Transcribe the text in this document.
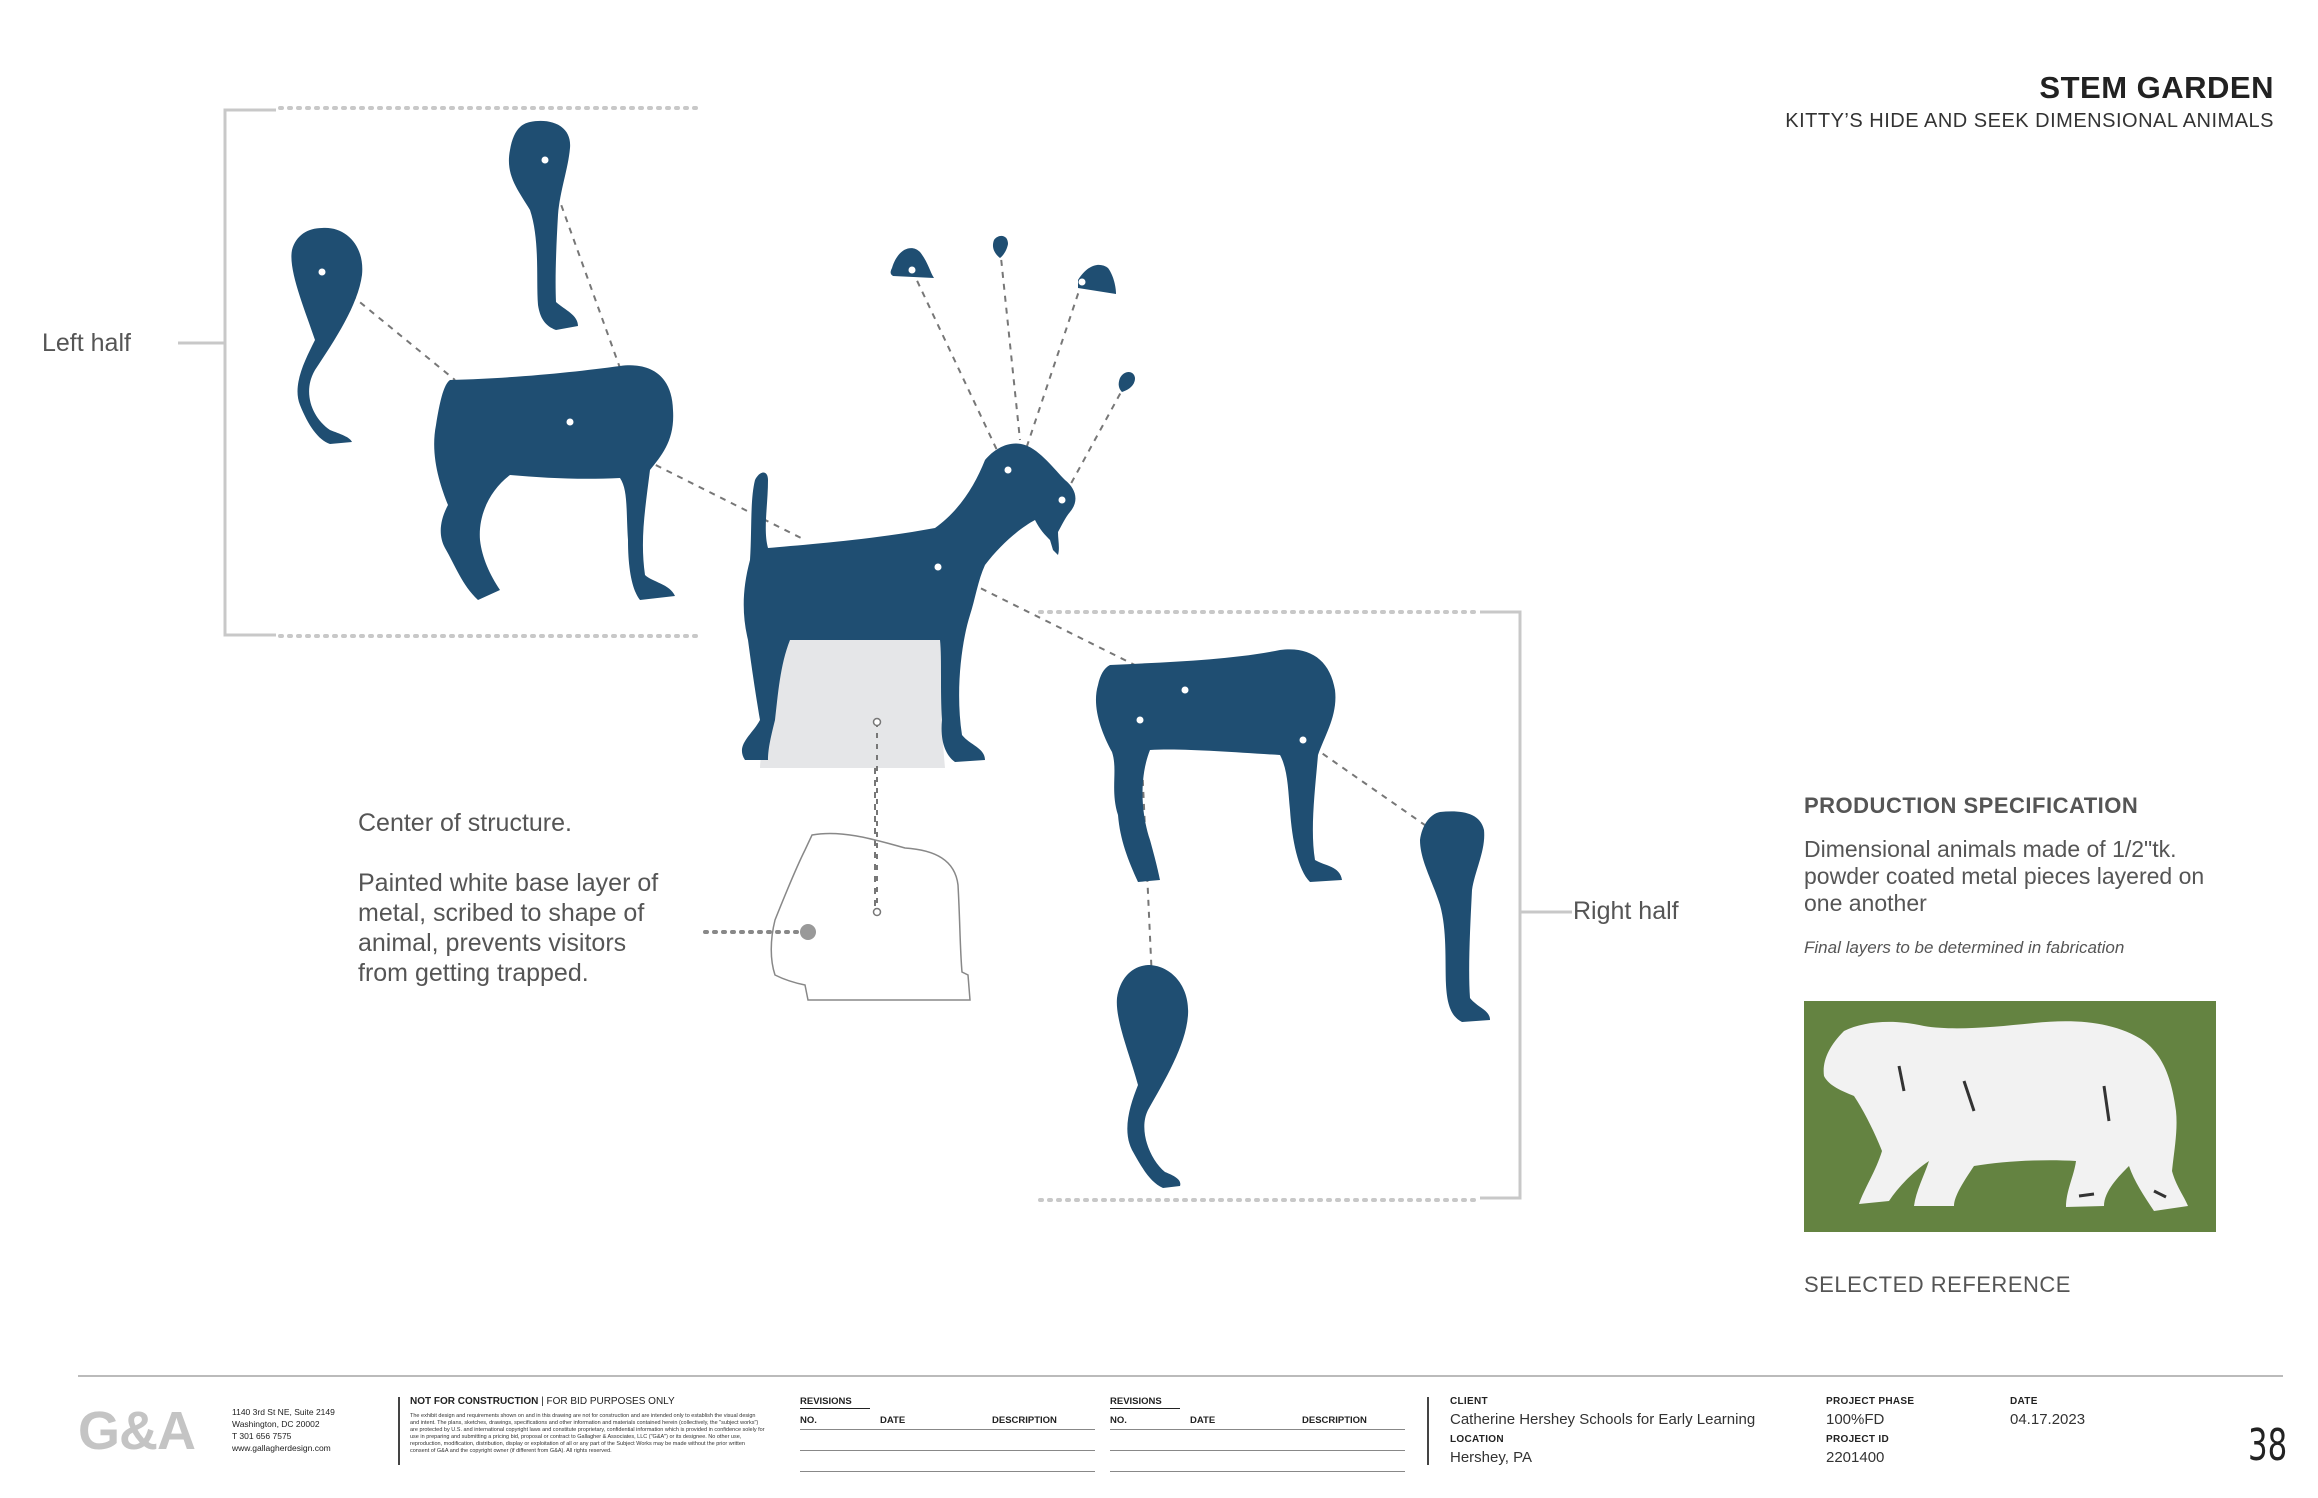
STEM GARDEN
KITTY’S HIDE AND SEEK DIMENSIONAL ANIMALS
Left half
Right half
Center of structure.
Painted white base layer of metal, scribed to shape of animal, prevents visitors from getting trapped.
PRODUCTION SPECIFICATION
Dimensional animals made of 1/2"tk. powder coated metal pieces layered on one another
Final layers to be determined in fabrication
SELECTED REFERENCE
G&A	1140 3rd St NE, Suite 2149
Washington, DC 20002
T 301 656 7575
www.gallagherdesign.com
NOT FOR CONSTRUCTION | FOR BID PURPOSES ONLY
The exhibit design and requirements shown on and in this drawing are not for construction and are intended only to establish the visual design and intent. The plans, sketches, drawings, specifications and other information and materials contained herein (collectively, the "subject works") are protected by U.S. and international copyright laws and constitute proprietary, confidential information which is provided in confidence solely for use in preparing and submitting a pricing bid, proposal or contract to Gallagher & Associates, LLC ("G&A") or its designee. No other use, reproduction, modification, distribution, display or exploitation of all or any part of the Subject Works may be made without the prior written consent of G&A and the copyright owner (if different from G&A). All rights reserved.
REVISIONS
NO.	DATE	DESCRIPTION
REVISIONS
NO.	DATE	DESCRIPTION
CLIENT
Catherine Hershey Schools for Early Learning
LOCATION
Hershey, PA
PROJECT PHASE
100%FD
PROJECT ID
2201400
DATE
04.17.2023
38
